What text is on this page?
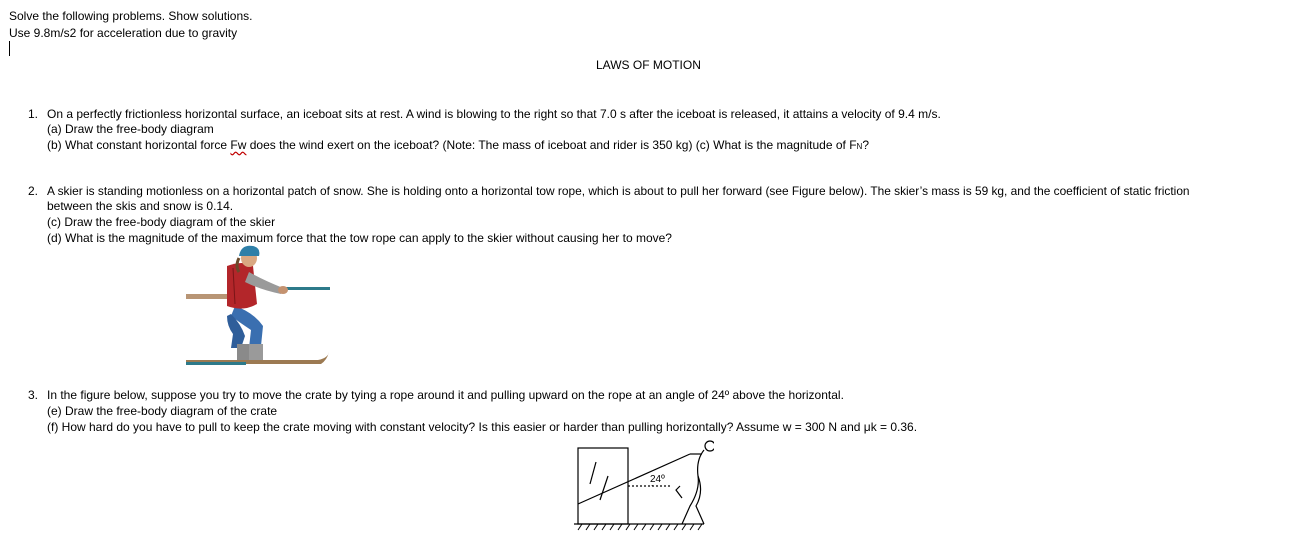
Solve the following problems. Show solutions.
Use 9.8m/s2 for acceleration due to gravity
LAWS OF MOTION
1. On a perfectly frictionless horizontal surface, an iceboat sits at rest. A wind is blowing to the right so that 7.0 s after the iceboat is released, it attains a velocity of 9.4 m/s.
(a) Draw the free-body diagram
(b) What constant horizontal force Fw does the wind exert on the iceboat? (Note: The mass of iceboat and rider is 350 kg) (c) What is the magnitude of FN?
2. A skier is standing motionless on a horizontal patch of snow. She is holding onto a horizontal tow rope, which is about to pull her forward (see Figure below). The skier’s mass is 59 kg, and the coefficient of static friction
between the skis and snow is 0.14.
(c) Draw the free-body diagram of the skier
(d) What is the magnitude of the maximum force that the tow rope can apply to the skier without causing her to move?
3. In the figure below, suppose you try to move the crate by tying a rope around it and pulling upward on the rope at an angle of 24º above the horizontal.
(e) Draw the free-body diagram of the crate
(f) How hard do you have to pull to keep the crate moving with constant velocity? Is this easier or harder than pulling horizontally? Assume w = 300 N and μk = 0.36.
24º
